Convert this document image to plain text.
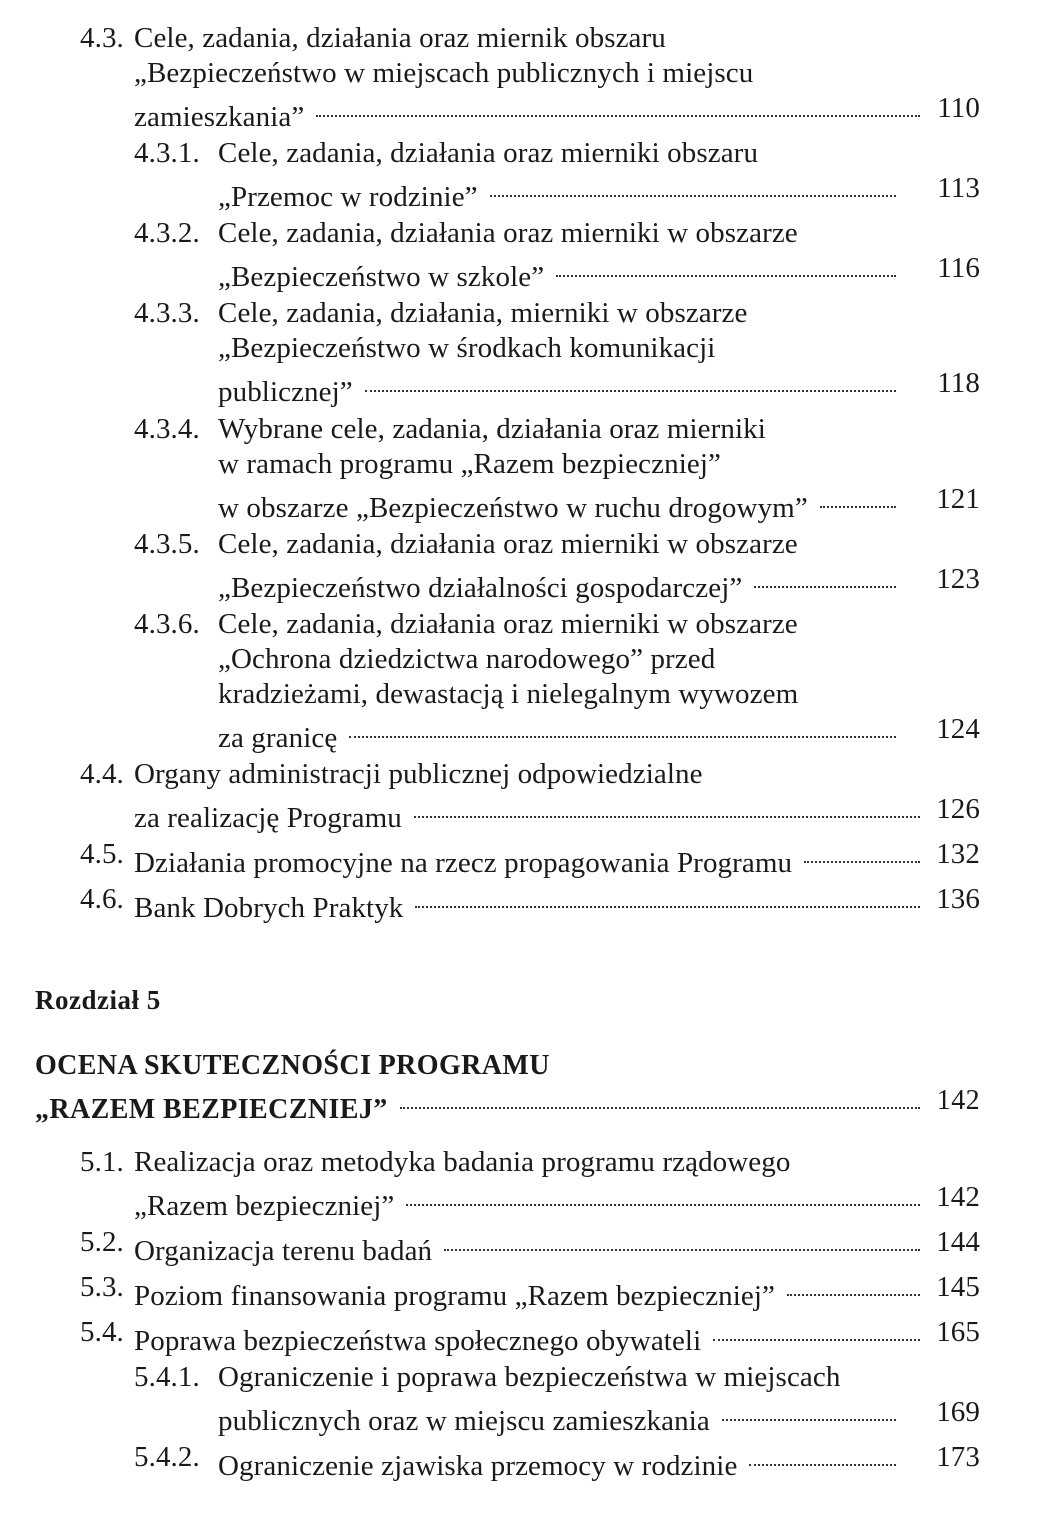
4.3. Cele, zadania, działania oraz miernik obszaru
„Bezpieczeństwo w miejscach publicznych i miejscu
zamieszkania”	110
4.3.1. Cele, zadania, działania oraz mierniki obszaru
„Przemoc w rodzinie”	113
4.3.2. Cele, zadania, działania oraz mierniki w obszarze
„Bezpieczeństwo w szkole”	116
4.3.3. Cele, zadania, działania, mierniki w obszarze
„Bezpieczeństwo w środkach komunikacji
publicznej”	118
4.3.4. Wybrane cele, zadania, działania oraz mierniki
w ramach programu „Razem bezpieczniej”
w obszarze „Bezpieczeństwo w ruchu drogowym”	121
4.3.5. Cele, zadania, działania oraz mierniki w obszarze
„Bezpieczeństwo działalności gospodarczej”	123
4.3.6. Cele, zadania, działania oraz mierniki w obszarze
„Ochrona dziedzictwa narodowego” przed
kradzieżami, dewastacją i nielegalnym wywozem
za granicę	124
4.4. Organy administracji publicznej odpowiedzialne
za realizację Programu	126
4.5. Działania promocyjne na rzecz propagowania Programu	132
4.6. Bank Dobrych Praktyk	136
Rozdział 5
OCENA SKUTECZNOŚCI PROGRAMU
„RAZEM BEZPIECZNIEJ”	142
5.1. Realizacja oraz metodyka badania programu rządowego
„Razem bezpieczniej”	142
5.2. Organizacja terenu badań	144
5.3. Poziom finansowania programu „Razem bezpieczniej”	145
5.4. Poprawa bezpieczeństwa społecznego obywateli	165
5.4.1. Ograniczenie i poprawa bezpieczeństwa w miejscach
publicznych oraz w miejscu zamieszkania	169
5.4.2. Ograniczenie zjawiska przemocy w rodzinie	173
